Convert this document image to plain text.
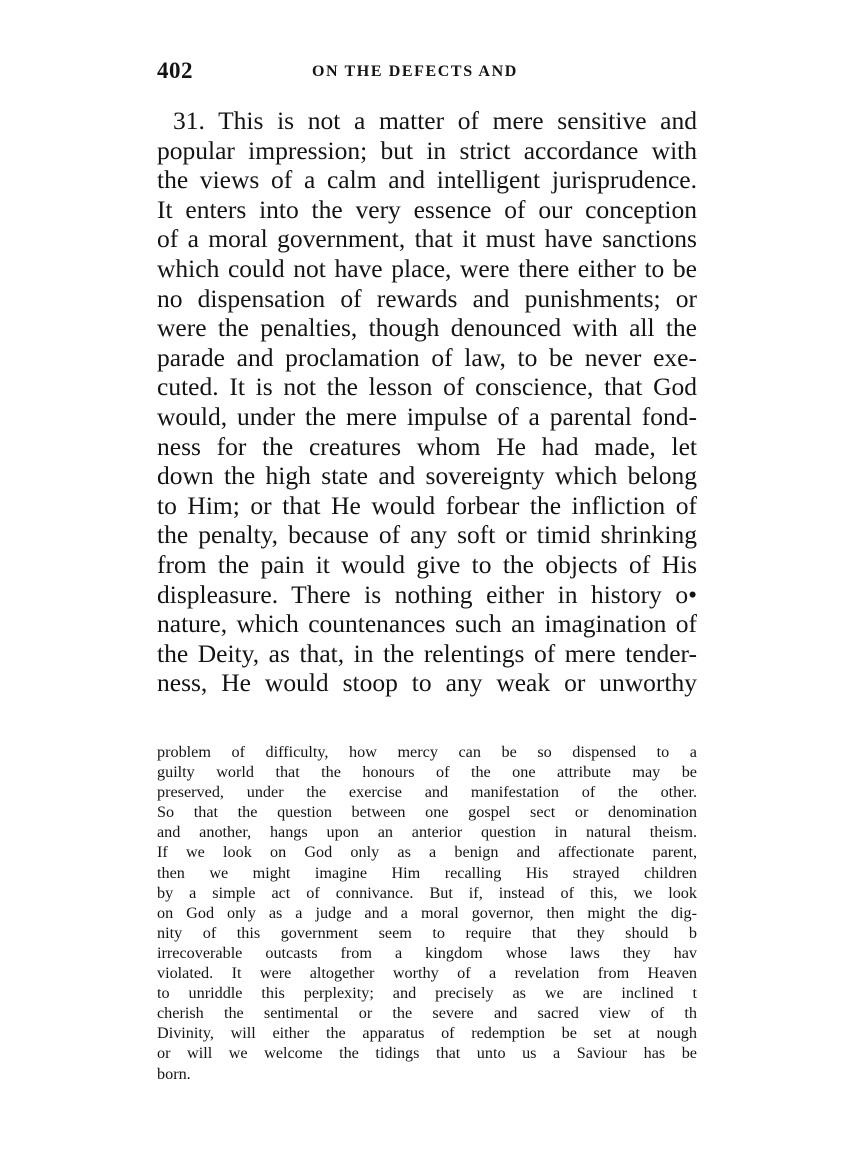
402	ON THE DEFECTS AND
31. This is not a matter of mere sensitive and
popular impression; but in strict accordance with
the views of a calm and intelligent jurisprudence.
It enters into the very essence of our conception
of a moral government, that it must have sanctions
which could not have place, were there either to be
no dispensation of rewards and punishments; or
were the penalties, though denounced with all the
parade and proclamation of law, to be never exe-
cuted. It is not the lesson of conscience, that God
would, under the mere impulse of a parental fond-
ness for the creatures whom He had made, let
down the high state and sovereignty which belong
to Him; or that He would forbear the infliction of
the penalty, because of any soft or timid shrinking
from the pain it would give to the objects of His
displeasure. There is nothing either in history o•
nature, which countenances such an imagination of
the Deity, as that, in the relentings of mere tender-
ness, He would stoop to any weak or unworthy
problem of difficulty, how mercy can be so dispensed to a
guilty world that the honours of the one attribute may be
preserved, under the exercise and manifestation of the other.
So that the question between one gospel sect or denomination
and another, hangs upon an anterior question in natural theism.
If we look on God only as a benign and affectionate parent,
then we might imagine Him recalling His strayed children
by a simple act of connivance. But if, instead of this, we look
on God only as a judge and a moral governor, then might the dig-
nity of this government seem to require that they should b
irrecoverable outcasts from a kingdom whose laws they hav
violated. It were altogether worthy of a revelation from Heaven
to unriddle this perplexity; and precisely as we are inclined t
cherish the sentimental or the severe and sacred view of th
Divinity, will either the apparatus of redemption be set at nough
or will we welcome the tidings that unto us a Saviour has be
born.
